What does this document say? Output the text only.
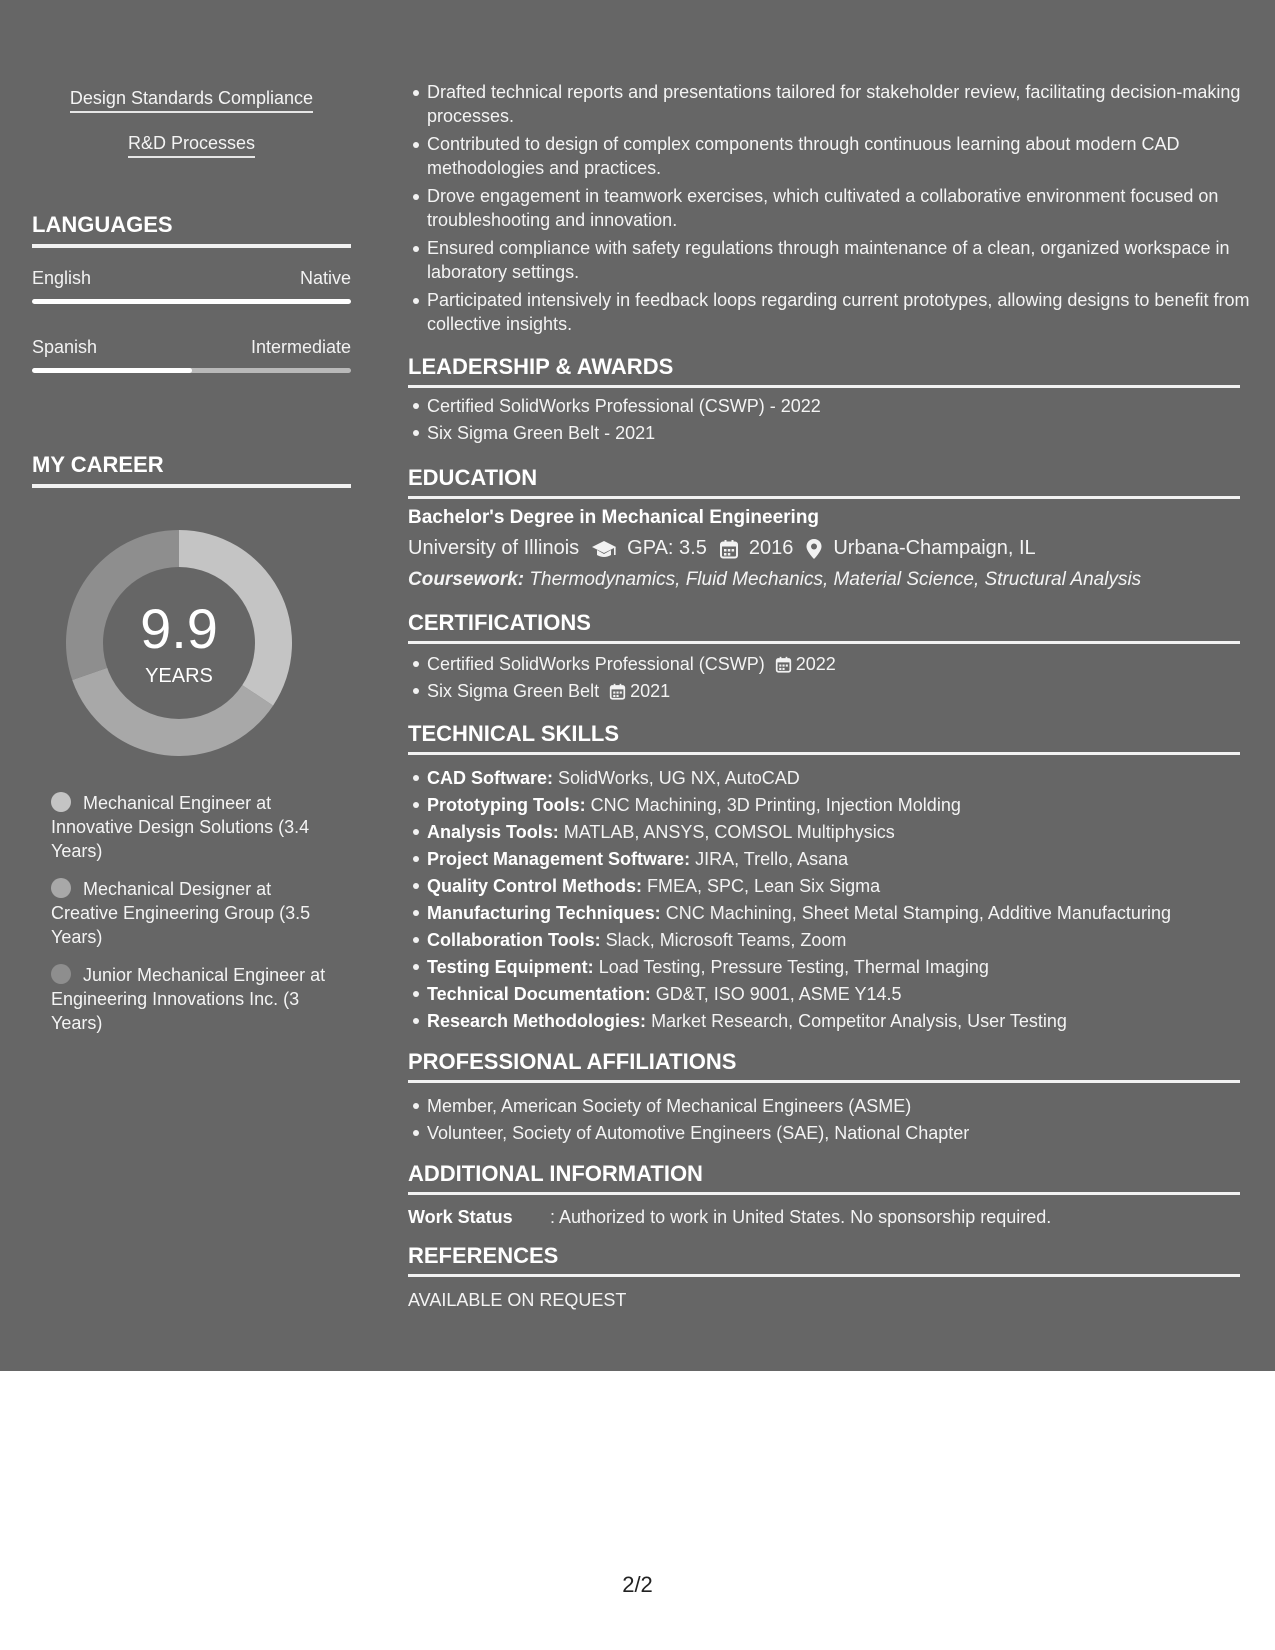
Design Standards Compliance
R&D Processes
LANGUAGES
English	Native
Spanish	Intermediate
MY CAREER
9.9
YEARS
Mechanical Engineer at Innovative Design Solutions (3.4 Years)
Mechanical Designer at Creative Engineering Group (3.5 Years)
Junior Mechanical Engineer at Engineering Innovations Inc. (3 Years)
Drafted technical reports and presentations tailored for stakeholder review, facilitating decision-making processes.
Contributed to design of complex components through continuous learning about modern CAD methodologies and practices.
Drove engagement in teamwork exercises, which cultivated a collaborative environment focused on troubleshooting and innovation.
Ensured compliance with safety regulations through maintenance of a clean, organized workspace in laboratory settings.
Participated intensively in feedback loops regarding current prototypes, allowing designs to benefit from collective insights.
LEADERSHIP & AWARDS
Certified SolidWorks Professional (CSWP) - 2022
Six Sigma Green Belt - 2021
EDUCATION
Bachelor's Degree in Mechanical Engineering
University of Illinois GPA: 3.5 2016 Urbana-Champaign, IL
Coursework: Thermodynamics, Fluid Mechanics, Material Science, Structural Analysis
CERTIFICATIONS
Certified SolidWorks Professional (CSWP) 2022
Six Sigma Green Belt 2021
TECHNICAL SKILLS
CAD Software: SolidWorks, UG NX, AutoCAD
Prototyping Tools: CNC Machining, 3D Printing, Injection Molding
Analysis Tools: MATLAB, ANSYS, COMSOL Multiphysics
Project Management Software: JIRA, Trello, Asana
Quality Control Methods: FMEA, SPC, Lean Six Sigma
Manufacturing Techniques: CNC Machining, Sheet Metal Stamping, Additive Manufacturing
Collaboration Tools: Slack, Microsoft Teams, Zoom
Testing Equipment: Load Testing, Pressure Testing, Thermal Imaging
Technical Documentation: GD&T, ISO 9001, ASME Y14.5
Research Methodologies: Market Research, Competitor Analysis, User Testing
PROFESSIONAL AFFILIATIONS
Member, American Society of Mechanical Engineers (ASME)
Volunteer, Society of Automotive Engineers (SAE), National Chapter
ADDITIONAL INFORMATION
Work Status : Authorized to work in United States. No sponsorship required.
REFERENCES
AVAILABLE ON REQUEST
2/2
